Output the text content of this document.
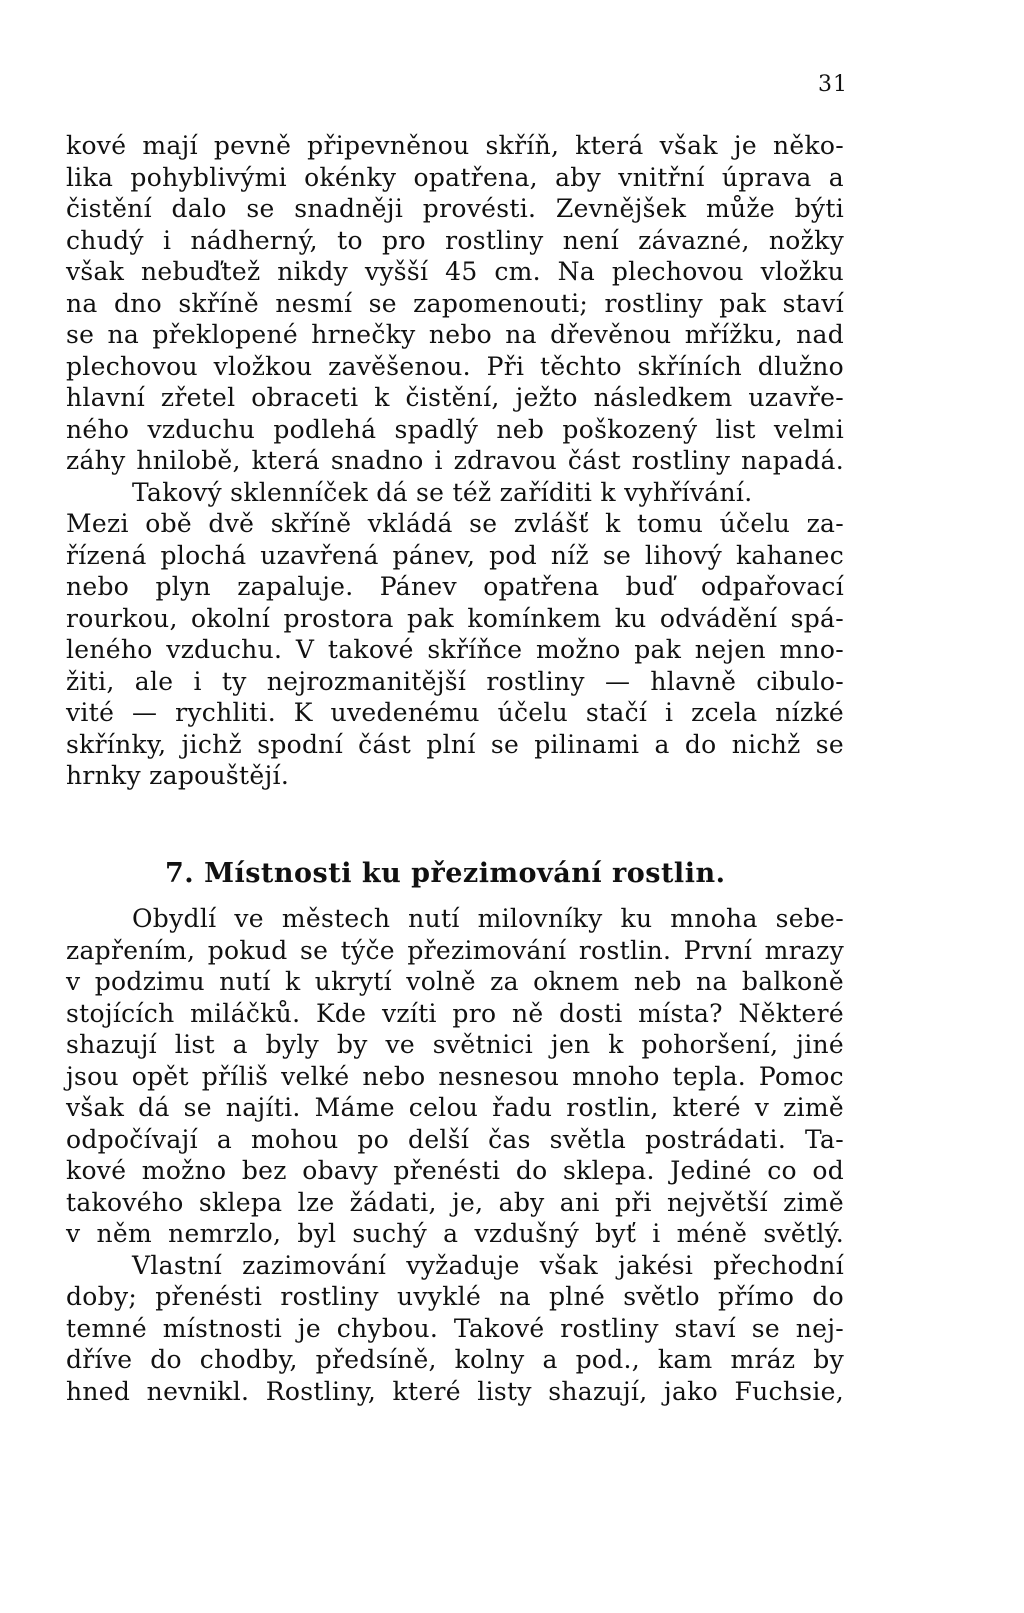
31
kové mají pevně připevněnou skříň, která však je něko-
lika pohyblivými okénky opatřena, aby vnitřní úprava a
čistění dalo se snadněji provésti. Zevnějšek může býti
chudý i nádherný, to pro rostliny není závazné, nožky
však nebuďtež nikdy vyšší 45 cm. Na plechovou vložku
na dno skříně nesmí se zapomenouti; rostliny pak staví
se na překlopené hrnečky nebo na dřevěnou mřížku, nad
plechovou vložkou zavěšenou. Při těchto skříních dlužno
hlavní zřetel obraceti k čistění, ježto následkem uzavře-
ného vzduchu podlehá spadlý neb poškozený list velmi
záhy hnilobě, která snadno i zdravou část rostliny napadá.
Takový sklenníček dá se též zaříditi k vyhřívání.
Mezi obě dvě skříně vkládá se zvlášť k tomu účelu za-
řízená plochá uzavřená pánev, pod níž se lihový kahanec
nebo plyn zapaluje. Pánev opatřena buď odpařovací
rourkou, okolní prostora pak komínkem ku odvádění spá-
leného vzduchu. V takové skříňce možno pak nejen mno-
žiti, ale i ty nejrozmanitější rostliny — hlavně cibulo-
vité — rychliti. K uvedenému účelu stačí i zcela nízké
skřínky, jichž spodní část plní se pilinami a do nichž se
hrnky zapouštějí.
7. Místnosti ku přezimování rostlin.
Obydlí ve městech nutí milovníky ku mnoha sebe-
zapřením, pokud se týče přezimování rostlin. První mrazy
v podzimu nutí k ukrytí volně za oknem neb na balkoně
stojících miláčků. Kde vzíti pro ně dosti místa? Některé
shazují list a byly by ve světnici jen k pohoršení, jiné
jsou opět příliš velké nebo nesnesou mnoho tepla. Pomoc
však dá se najíti. Máme celou řadu rostlin, které v zimě
odpočívají a mohou po delší čas světla postrádati. Ta-
kové možno bez obavy přenésti do sklepa. Jediné co od
takového sklepa lze žádati, je, aby ani při největší zimě
v něm nemrzlo, byl suchý a vzdušný byť i méně světlý.
Vlastní zazimování vyžaduje však jakési přechodní
doby; přenésti rostliny uvyklé na plné světlo přímo do
temné místnosti je chybou. Takové rostliny staví se nej-
dříve do chodby, předsíně, kolny a pod., kam mráz by
hned nevnikl. Rostliny, které listy shazují, jako Fuchsie,
